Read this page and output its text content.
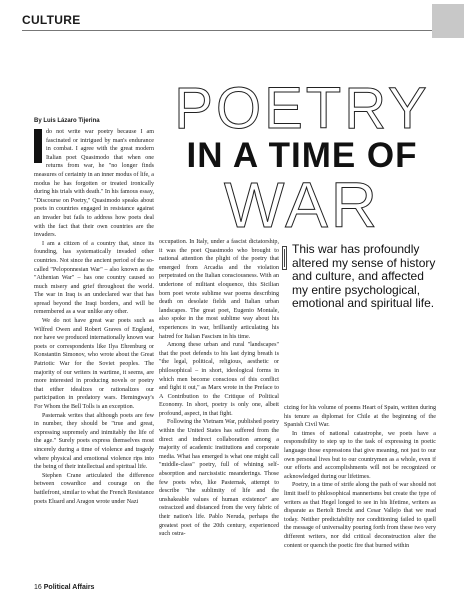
CULTURE
POETRY
IN A TIME OF
WAR
By Luis Lázaro Tijerina

do not write war poetry because I am fascinated or intrigued by man's endurance in combat. I agree with the great modern Italian poet Quasimodo that when one returns from war, he "no longer finds measures of certainty in an inner modus of life, a modus he has forgotten or treated ironically during his trials with death." In his famous essay, "Discourse on Poetry," Quasimodo speaks about poets in countries engaged in resistance against an invader but fails to address how poets deal with the fact that their own countries are the invaders.

I am a citizen of a country that, since its founding, has systematically invaded other countries. Not since the ancient period of the so-called "Peloponnesian War" – also known as the "Athenian War" – has one country caused so much misery and grief throughout the world. The war in Iraq is an undeclared war that has spread beyond the Iraqi borders, and will be remembered as a war unlike any other.

We do not have great war poets such as Wilfred Owen and Robert Graves of England, nor have we produced internationally known war poets or correspondents like Ilya Ehrenburg or Konstantin Simonov, who wrote about the Great Patriotic War for the Soviet peoples. The majority of our writers in wartime, it seems, are more interested in producing novels or poetry that either idealizes or rationalizes our participation in predatory wars. Hemingway's For Whom the Bell Tolls is an exception.

Pasternak writes that although poets are few in number, they should be "true and great, expressing supremely and inimitably the life of the age." Surely poets express themselves most sincerely during a time of violence and tragedy where physical and emotional violence rips into the being of their intellectual and spiritual life.

Stephen Crane articulated the difference between cowardice and courage on the battlefront, similar to what the French Resistance poets Eluard and Aragon wrote under Nazi

occupation. In Italy, under a fascist dictatorship, it was the poet Quasimodo who brought to national attention the plight of the poetry that emerged from Arcadia and the violation perpetrated on the Italian consciousness. With an undertone of militant eloquence, this Sicilian born poet wrote sublime war poems describing death on desolate fields and Italian urban landscapes. The great poet, Eugenio Montale, also spoke in the most sublime way about his experiences in war, brilliantly articulating his hatred for Italian Fascism in his time.

Among these urban and rural "landscapes" that the poet defends to his last dying breath is "the legal, political, religious, aesthetic or philosophical – in short, ideological forms in which men become conscious of this conflict and fight it out," as Marx wrote in the Preface to A Contribution to the Critique of Political Economy. In short, poetry is only one, albeit profound, aspect, in that fight.

Following the Vietnam War, published poetry within the United States has suffered from the direct and indirect collaboration among a majority of academic institutions and corporate media. What has emerged is what one might call "middle-class" poetry, full of whining self-absorption and narcissistic meanderings. Those few poets who, like Pasternak, attempt to describe "the sublimity of life and the unshakeable values of human existence" are ostracized and distanced from the very fabric of their nation's life. Pablo Neruda, perhaps the greatest poet of the 20th century, experienced such ostra-

This war has profoundly altered my sense of history and culture, and affected my entire psychological, emotional and spiritual life.

cizing for his volume of poems Heart of Spain, written during his tenure as diplomat for Chile at the beginning of the Spanish Civil War.

In times of national catastrophe, we poets have a responsibility to step up to the task of expressing in poetic language those expressions that give meaning, not just to our own personal lives but to our countrymen as a whole, even if our efforts and accomplishments will not be recognized or acknowledged during our lifetimes.

Poetry, in a time of strife along the path of war should not limit itself to philosophical mannerisms but create the type of writers as that Hegel longed to see in his lifetime, writers as disparate as Bertolt Brecht and Cesar Vallejo that we read today. Neither predictability nor conditioning failed to quell the message of universality pouring forth from these two very different writers, nor did critical deconstruction alter the content or quench the poetic fire that burned within

16 Political Affairs
